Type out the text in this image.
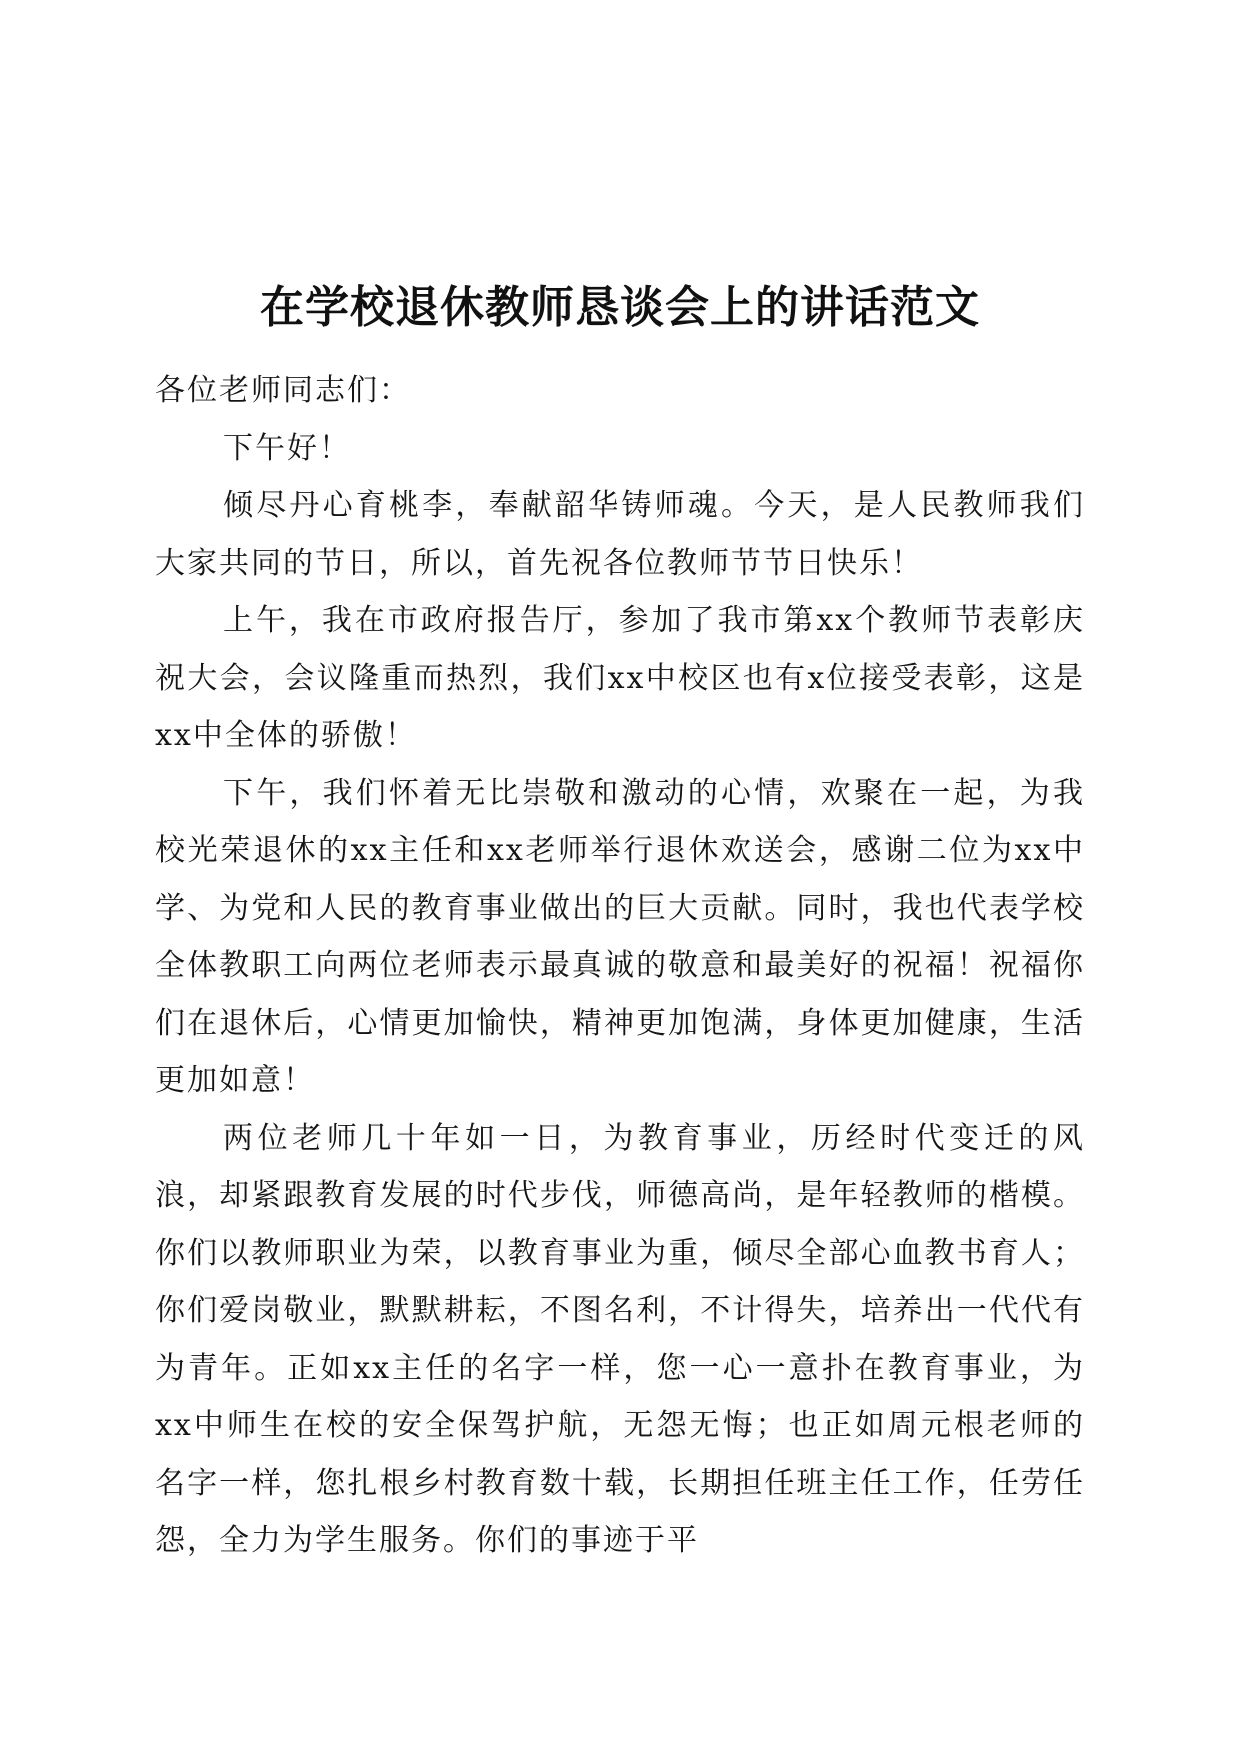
在学校退休教师恳谈会上的讲话范文

各位老师同志们：

下午好！

倾尽丹心育桃李，奉献韶华铸师魂。今天，是人民教师我们大家共同的节日，所以，首先祝各位教师节节日快乐！

上午，我在市政府报告厅，参加了我市第xx个教师节表彰庆祝大会，会议隆重而热烈，我们xx中校区也有x位接受表彰，这是xx中全体的骄傲！

下午，我们怀着无比崇敬和激动的心情，欢聚在一起，为我校光荣退休的xx主任和xx老师举行退休欢送会，感谢二位为xx中学、为党和人民的教育事业做出的巨大贡献。同时，我也代表学校全体教职工向两位老师表示最真诚的敬意和最美好的祝福！祝福你们在退休后，心情更加愉快，精神更加饱满，身体更加健康，生活更加如意！

两位老师几十年如一日，为教育事业，历经时代变迁的风浪，却紧跟教育发展的时代步伐，师德高尚，是年轻教师的楷模。你们以教师职业为荣，以教育事业为重，倾尽全部心血教书育人；你们爱岗敬业，默默耕耘，不图名利，不计得失，培养出一代代有为青年。正如xx主任的名字一样，您一心一意扑在教育事业，为xx中师生在校的安全保驾护航，无怨无悔；也正如周元根老师的名字一样，您扎根乡村教育数十载，长期担任班主任工作，任劳任怨，全力为学生服务。你们的事迹于平
